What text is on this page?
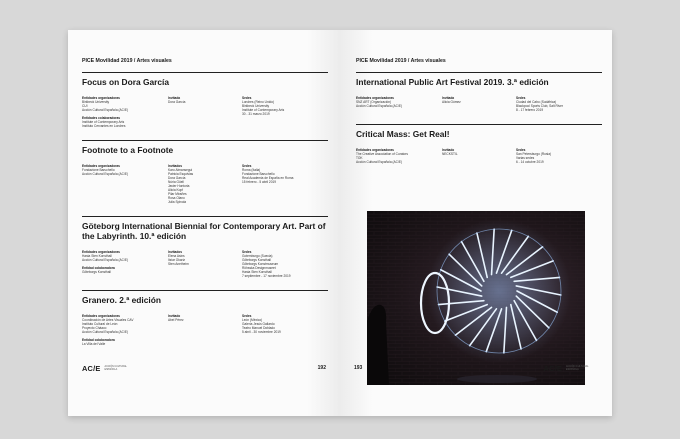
PICE Movilidad 2019 / Artes visuales
Focus on Dora García
Entidades organizadoras
Birkbeck University
CUI
Acción Cultural Española (AC/E)
Entidades colaboradoras
Institute of Contemporary Arts
Instituto Cervantes en Londres
Invitada
Dora García
Sedes
Londres (Reino Unido)
Birkbeck University
Institute of Contemporary Arts
30 - 31 marzo 2019
Footnote to a Footnote
Entidades organizadoras
Fondazione Baruchello
Acción Cultural Española (AC/E)
Invitados
Karo Almansegui
Patricia Esquivias
Dora García
Núria Güell
Javier Hontoria
Alicia Kopf
Pilar Mirañes
Rosa Olano
Julia Spinola
Sedes
Roma (Italia)
Fondazione Baruchello
Real Academia de España en Roma
15 febrero - 5 abril 2019
Göteborg International Biennial for Contemporary Art. Part of the Labyrinth. 10.ª edición
Entidades organizadoras
Hasta Sten Konsthall
Acción Cultural Española (AC/E)
Entidad colaboradora
Göteborgs Konsthall
Invitados
Elena Asins
Itziar Okariz
Sten Anetheim
Sedes
Gotemburgo (Suecia)
Göteborgs Konsthall
Göteborgs Konstmuseum
Röhsska Designmuseet
Hasta Sten Konsthall
7 septiembre - 17 noviembre 2019
Granero. 2.ª edición
Entidades organizadoras
Coordinación de Artes Visuales CAV
Instituto Cultural de León
Proyecto Cháaco
Acción Cultural Española (AC/E)
Entidad colaboradora
La Villa del Valle
Invitado
Abel Pérez
Sedes
León (México)
Galería Jesús Gallardo
Teatro Manuel Doblado
5 abril - 30 noviembre 2019
AC/E ACCIÓN CULTURAL ESPAÑOLA	192
PICE Movilidad 2019 / Artes visuales
International Public Art Festival 2019. 3.ª edición
Entidades organizadoras
SNZ ART (Organización)
Acción Cultural Española (AC/E)
Invitada
Alicia Gómez
Sedes
Ciudad del Cabo (Sudáfrica)
Blackpool Sports Club, Salt River
8 - 17 febrero 2019
Critical Mass: Get Real!
Entidades organizadoras
The Creative Association of Curators
TOK
Acción Cultural Española (AC/E)
Invitado
NECKSTIL
Sedes
San Petersburgo (Rusia)
Varias sedes
6 - 14 octubre 2019
193	AC/E ACCIÓN CULTURAL ESPAÑOLA
